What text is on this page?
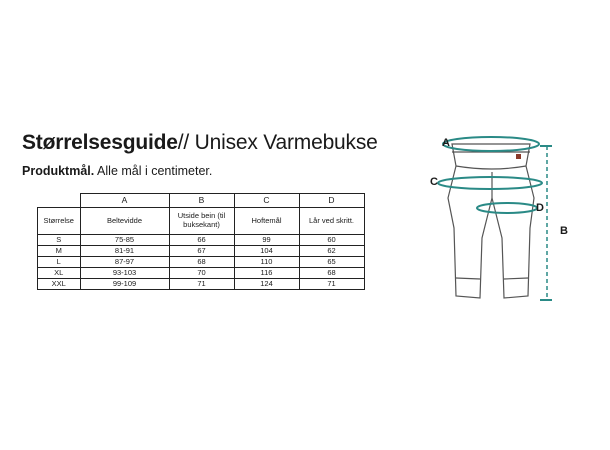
Størrelsesguide// Unisex Varmebukse
Produktmål. Alle mål i centimeter.
	A	B	C	D
Størrelse	Beltevidde	Utside bein (til buksekant)	Hoftemål	Lår ved skritt.
S	75-85	66	99	60
M	81-91	67	104	62
L	87-97	68	110	65
XL	93-103	70	116	68
XXL	99-109	71	124	71
A
C
D
B
